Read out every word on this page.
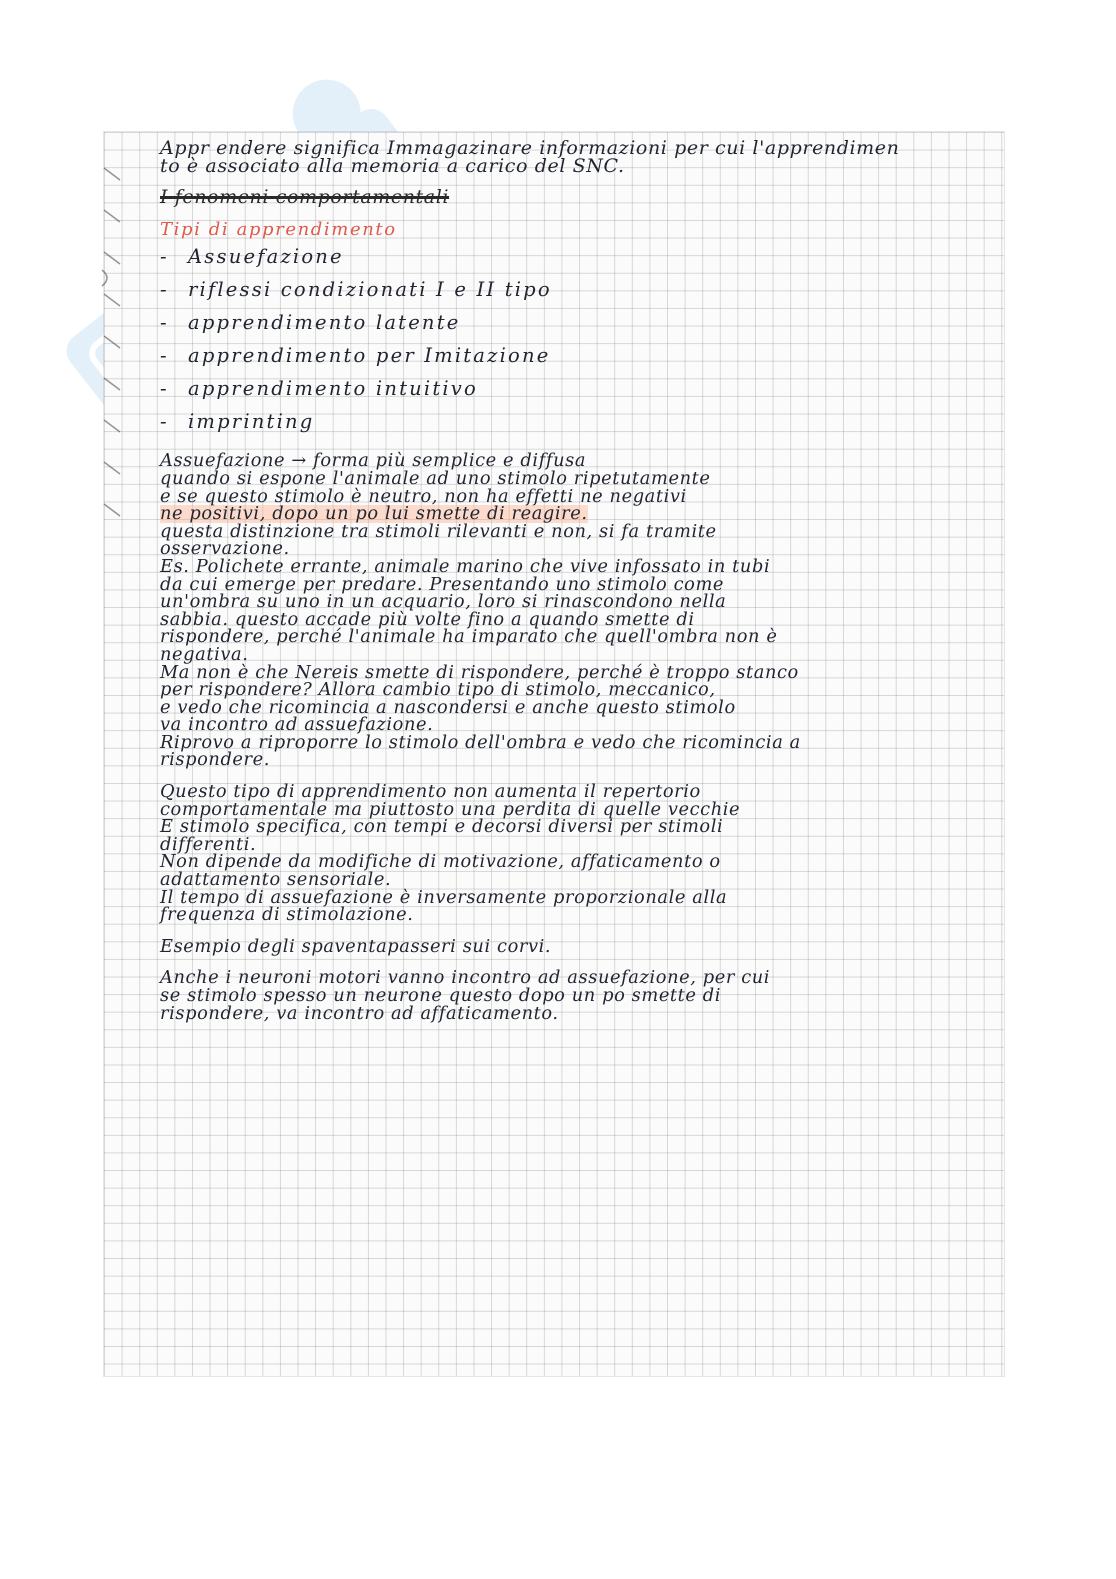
Appr endere significa Immagazinare informazioni per cui l'apprendimen

to è associato alla memoria a carico del SNC.

I fenomeni comportamentali

Tipi di apprendimento

- Assuefazione

- riflessi condizionati I e II tipo

- apprendimento latente

- apprendimento per Imitazione

- apprendimento intuitivo

- imprinting

Assuefazione → forma più semplice e diffusa

quando si espone l'animale ad uno stimolo ripetutamente

e se questo stimolo è neutro, non ha effetti ne negativi

ne positivi, dopo un po lui smette di reagire.

questa distinzione tra stimoli rilevanti e non, si fa tramite

osservazione.

Es. Polichete errante, animale marino che vive infossato in tubi

da cui emerge per predare. Presentando uno stimolo come

un'ombra su uno in un acquario, loro si rinascondono nella

sabbia. questo accade più volte fino a quando smette di

rispondere, perché l'animale ha imparato che quell'ombra non è

negativa.

Ma non è che Nereis smette di rispondere, perché è troppo stanco

per rispondere? Allora cambio tipo di stimolo, meccanico,

e vedo che ricomincia a nascondersi e anche questo stimolo

va incontro ad assuefazione.

Riprovo a riproporre lo stimolo dell'ombra e vedo che ricomincia a

rispondere.

Questo tipo di apprendimento non aumenta il repertorio

comportamentale ma piuttosto una perdita di quelle vecchie

E stimolo specifica, con tempi e decorsi diversi per stimoli

differenti.

Non dipende da modifiche di motivazione, affaticamento o

adattamento sensoriale.

Il tempo di assuefazione è inversamente proporzionale alla

frequenza di stimolazione.

Esempio degli spaventapasseri sui corvi.

Anche i neuroni motori vanno incontro ad assuefazione, per cui

se stimolo spesso un neurone questo dopo un po smette di

rispondere, va incontro ad affaticamento.
